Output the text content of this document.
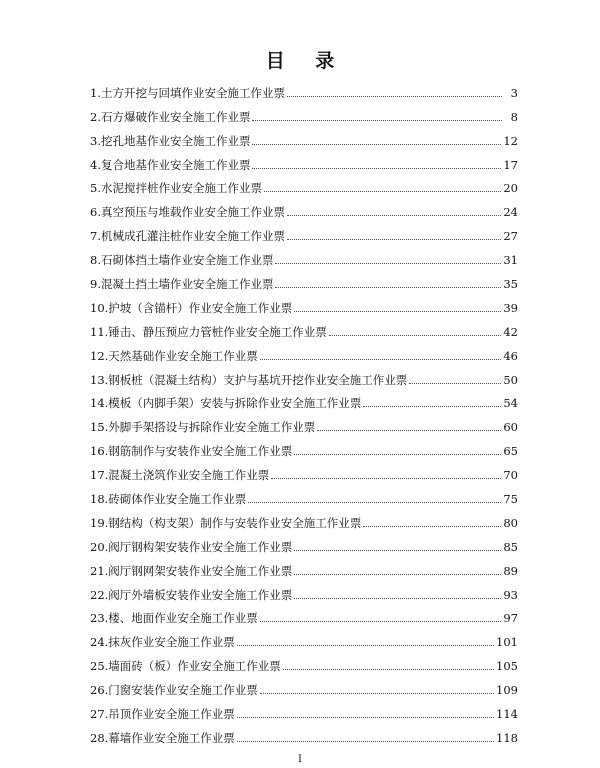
目 录
1. 土方开挖与回填作业安全施工作业票	3
2. 石方爆破作业安全施工作业票	8
3. 挖孔地基作业安全施工作业票	12
4. 复合地基作业安全施工作业票	17
5. 水泥搅拌桩作业安全施工作业票	20
6. 真空预压与堆载作业安全施工作业票	24
7. 机械成孔灌注桩作业安全施工作业票	27
8. 石砌体挡土墙作业安全施工作业票	31
9. 混凝土挡土墙作业安全施工作业票	35
10. 护坡（含锚杆）作业安全施工作业票	39
11. 锤击、静压预应力管桩作业安全施工作业票	42
12. 天然基础作业安全施工作业票	46
13. 钢板桩（混凝土结构）支护与基坑开挖作业安全施工作业票	50
14. 模板（内脚手架）安装与拆除作业安全施工作业票	54
15. 外脚手架搭设与拆除作业安全施工作业票	60
16. 钢筋制作与安装作业安全施工作业票	65
17. 混凝土浇筑作业安全施工作业票	70
18. 砖砌体作业安全施工作业票	75
19. 钢结构（构支架）制作与安装作业安全施工作业票	80
20. 阀厅钢构架安装作业安全施工作业票	85
21. 阀厅钢网架安装作业安全施工作业票	89
22. 阀厅外墙板安装作业安全施工作业票	93
23. 楼、地面作业安全施工作业票	97
24. 抹灰作业安全施工作业票	101
25. 墙面砖（板）作业安全施工作业票	105
26. 门窗安装作业安全施工作业票	109
27. 吊顶作业安全施工作业票	114
28. 幕墙作业安全施工作业票	118
I
